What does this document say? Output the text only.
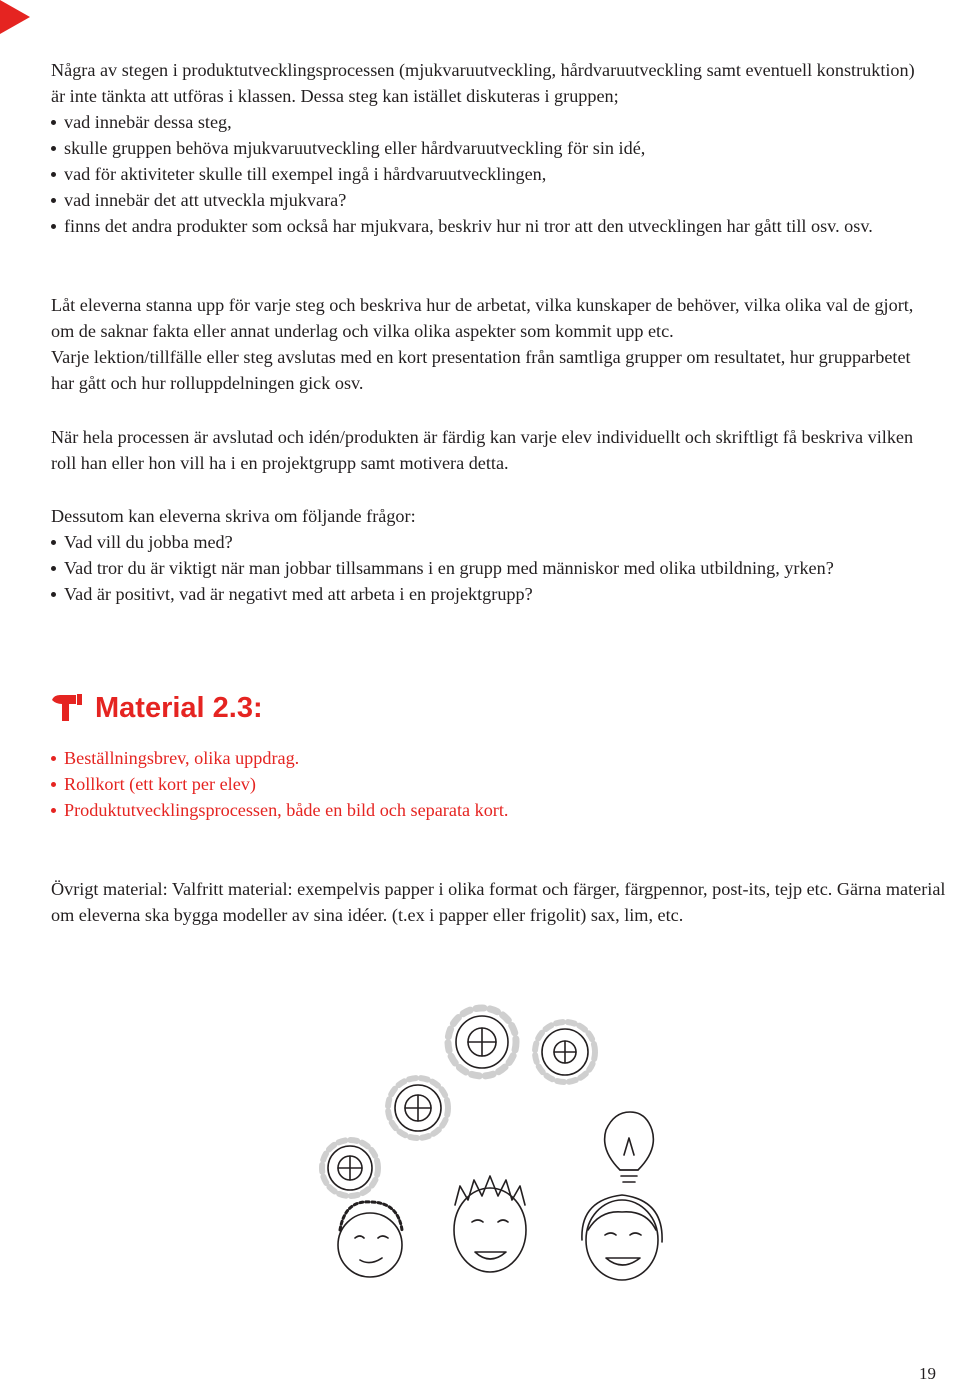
Några av stegen i produktutvecklingsprocessen (mjukvaruutveckling, hårdvaruutveckling samt eventuell konstruktion) är inte tänkta att utföras i klassen. Dessa steg kan istället diskuteras i gruppen;

vad innebär dessa steg,
skulle gruppen behöva mjukvaruutveckling eller hårdvaruutveckling för sin idé,
vad för aktiviteter skulle till exempel ingå i hårdvaruutvecklingen,
vad innebär det att utveckla mjukvara?
finns det andra produkter som också har mjukvara, beskriv hur ni tror att den utvecklingen har gått till osv. osv.

Låt eleverna stanna upp för varje steg och beskriva hur de arbetat, vilka kunskaper de behöver, vilka olika val de gjort, om de saknar fakta eller annat underlag och vilka olika aspekter som kommit upp etc.

Varje lektion/tillfälle eller steg avslutas med en kort presentation från samtliga grupper om resultatet, hur grupparbetet har gått och hur rolluppdelningen gick osv.

När hela processen är avslutad och idén/produkten är färdig kan varje elev individuellt och skriftligt få beskriva vilken roll han eller hon vill ha i en projektgrupp samt motivera detta.

Dessutom kan eleverna skriva om följande frågor:

Vad vill du jobba med?
Vad tror du är viktigt när man jobbar tillsammans i en grupp med människor med olika utbildning, yrken?
Vad är positivt, vad är negativt med att arbeta i en projektgrupp?
Material 2.3:
Beställningsbrev, olika uppdrag.
Rollkort (ett kort per elev)
Produktutvecklingsprocessen, både en bild och separata kort.

Övrigt material: Valfritt material: exempelvis papper i olika format och färger, färgpennor, post-its, tejp etc. Gärna material om eleverna ska bygga modeller av sina idéer. (t.ex i papper eller frigolit) sax, lim, etc.

19
